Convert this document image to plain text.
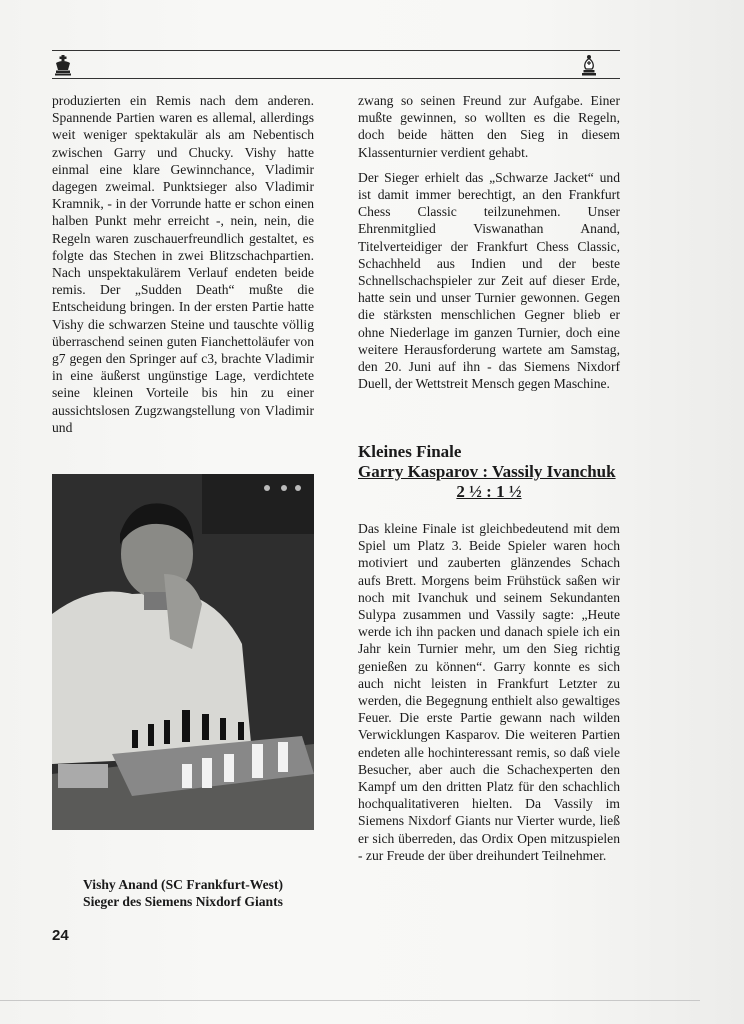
produzierten ein Remis nach dem anderen. Spannende Partien waren es allemal, allerdings weit weniger spektakulär als am Nebentisch zwischen Garry und Chucky. Vishy hatte einmal eine klare Gewinnchance, Vladimir dagegen zweimal. Punktsieger also Vladimir Kramnik, - in der Vorrunde hatte er schon einen halben Punkt mehr erreicht -, nein, nein, die Regeln waren zuschauerfreundlich gestaltet, es folgte das Stechen in zwei Blitzschachpartien. Nach unspektakulärem Verlauf endeten beide remis. Der „Sudden Death“ mußte die Entscheidung bringen. In der ersten Partie hatte Vishy die schwarzen Steine und tauschte völlig überraschend seinen guten Fianchettoläufer von g7 gegen den Springer auf c3, brachte Vladimir in eine äußerst ungünstige Lage, verdichtete seine kleinen Vorteile bis hin zu einer aussichtslosen Zugzwangstellung von Vladimir und

zwang so seinen Freund zur Aufgabe. Einer mußte gewinnen, so wollten es die Regeln, doch beide hätten den Sieg in diesem Klassenturnier verdient gehabt.

Der Sieger erhielt das „Schwarze Jacket“ und ist damit immer berechtigt, an den Frankfurt Chess Classic teilzunehmen. Unser Ehrenmitglied Viswanathan Anand, Titelverteidiger der Frankfurt Chess Classic, Schachheld aus Indien und der beste Schnellschachspieler zur Zeit auf dieser Erde, hatte sein und unser Turnier gewonnen. Gegen die stärksten menschlichen Gegner blieb er ohne Niederlage im ganzen Turnier, doch eine weitere Herausforderung wartete am Samstag, den 20. Juni auf ihn - das Siemens Nixdorf Duell, der Wettstreit Mensch gegen Maschine.

Kleines Finale

Garry Kasparov : Vassily Ivanchuk

2 ½ : 1 ½

Das kleine Finale ist gleichbedeutend mit dem Spiel um Platz 3. Beide Spieler waren hoch motiviert und zauberten glänzendes Schach aufs Brett. Morgens beim Frühstück saßen wir noch mit Ivanchuk und seinem Sekundanten Sulypa zusammen und Vassily sagte: „Heute werde ich ihn packen und danach spiele ich ein Jahr kein Turnier mehr, um den Sieg richtig genießen zu können“. Garry konnte es sich auch nicht leisten in Frankfurt Letzter zu werden, die Begegnung enthielt also gewaltiges Feuer. Die erste Partie gewann nach wilden Verwicklungen Kasparov. Die weiteren Partien endeten alle hochinteressant remis, so daß viele Besucher, aber auch die Schachexperten den Kampf um den dritten Platz für den schachlich hochqualitativeren hielten. Da Vassily im Siemens Nixdorf Giants nur Vierter wurde, ließ er sich überreden, das Ordix Open mitzuspielen - zur Freude der über dreihundert Teilnehmer.

Vishy Anand (SC Frankfurt-West)
Sieger des Siemens Nixdorf Giants
24
